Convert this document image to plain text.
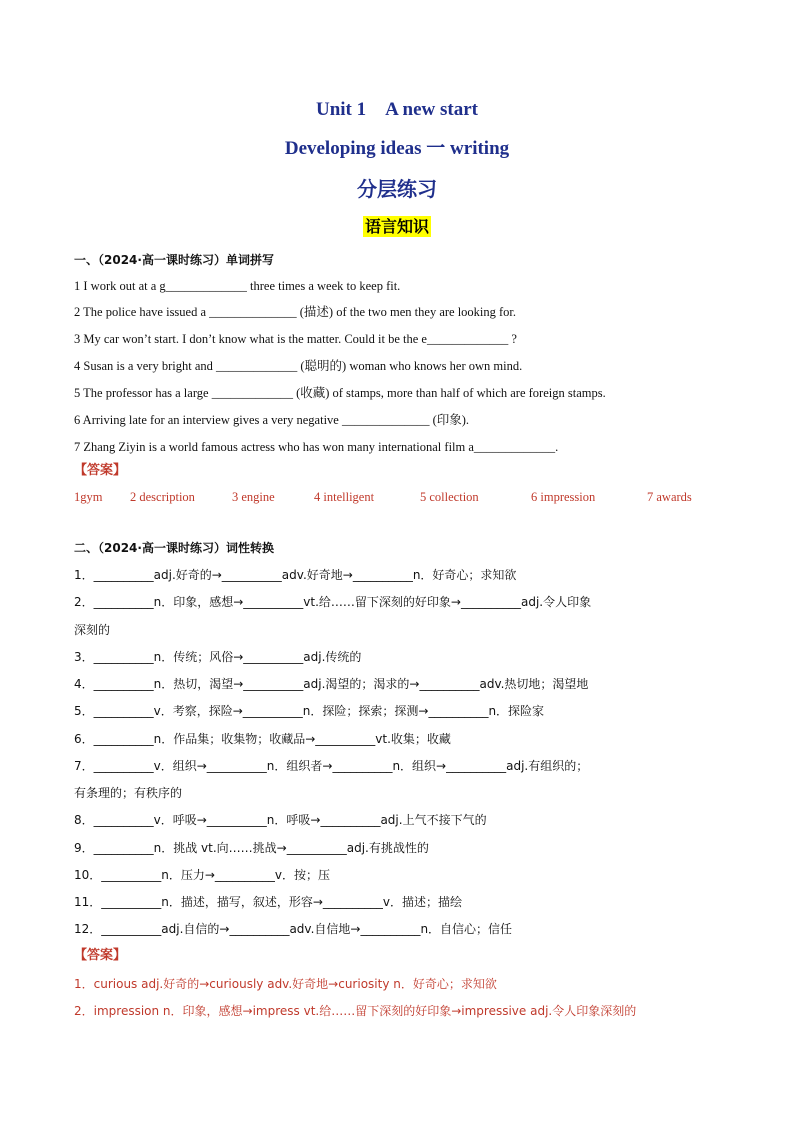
Unit 1　A new start
Developing ideas 一 writing
分层练习
语言知识
一、（2024·高一课时练习）单词拼写
1 I work out at a g_____________ three times a week to keep fit.
2 The police have issued a ______________ (描述) of the two men they are looking for.
3 My car won’t start. I don’t know what is the matter. Could it be the e_____________ ?
4 Susan is a very bright and _____________ (聪明的) woman who knows her own mind.
5 The professor has a large _____________ (收藏) of stamps, more than half of which are foreign stamps.
6 Arriving late for an interview gives a very negative ______________ (印象).
7 Zhang Ziyin is a world famous actress who has won many international film a_____________.
【答案】
1gym 2 description	3 engine	4 intelligent	5 collection	6 impression	7 awards
二、（2024·高一课时练习）词性转换
1．__________adj.好奇的→__________adv.好奇地→__________n．好奇心；求知欲
2．__________n．印象，感想→__________vt.给……留下深刻的好印象→__________adj.令人印象
深刻的
3．__________n．传统；风俗→__________adj.传统的
4．__________n．热切，渴望→__________adj.渴望的；渴求的→__________adv.热切地；渴望地
5．__________v．考察，探险→__________n．探险；探索；探测→__________n．探险家
6．__________n．作品集；收集物；收藏品→__________vt.收集；收藏
7．__________v．组织→__________n．组织者→__________n．组织→__________adj.有组织的；
有条理的；有秩序的
8．__________v．呼吸→__________n．呼吸→__________adj.上气不接下气的
9．__________n．挑战 vt.向……挑战→__________adj.有挑战性的
10．__________n．压力→__________v．按；压
11．__________n．描述，描写，叙述，形容→__________v．描述；描绘
12．__________adj.自信的→__________adv.自信地→__________n．自信心；信任
【答案】
1．curious adj.好奇的→curiously adv.好奇地→curiosity n．好奇心；求知欲
2．impression n．印象，感想→impress vt.给……留下深刻的好印象→impressive adj.令人印象深刻的
